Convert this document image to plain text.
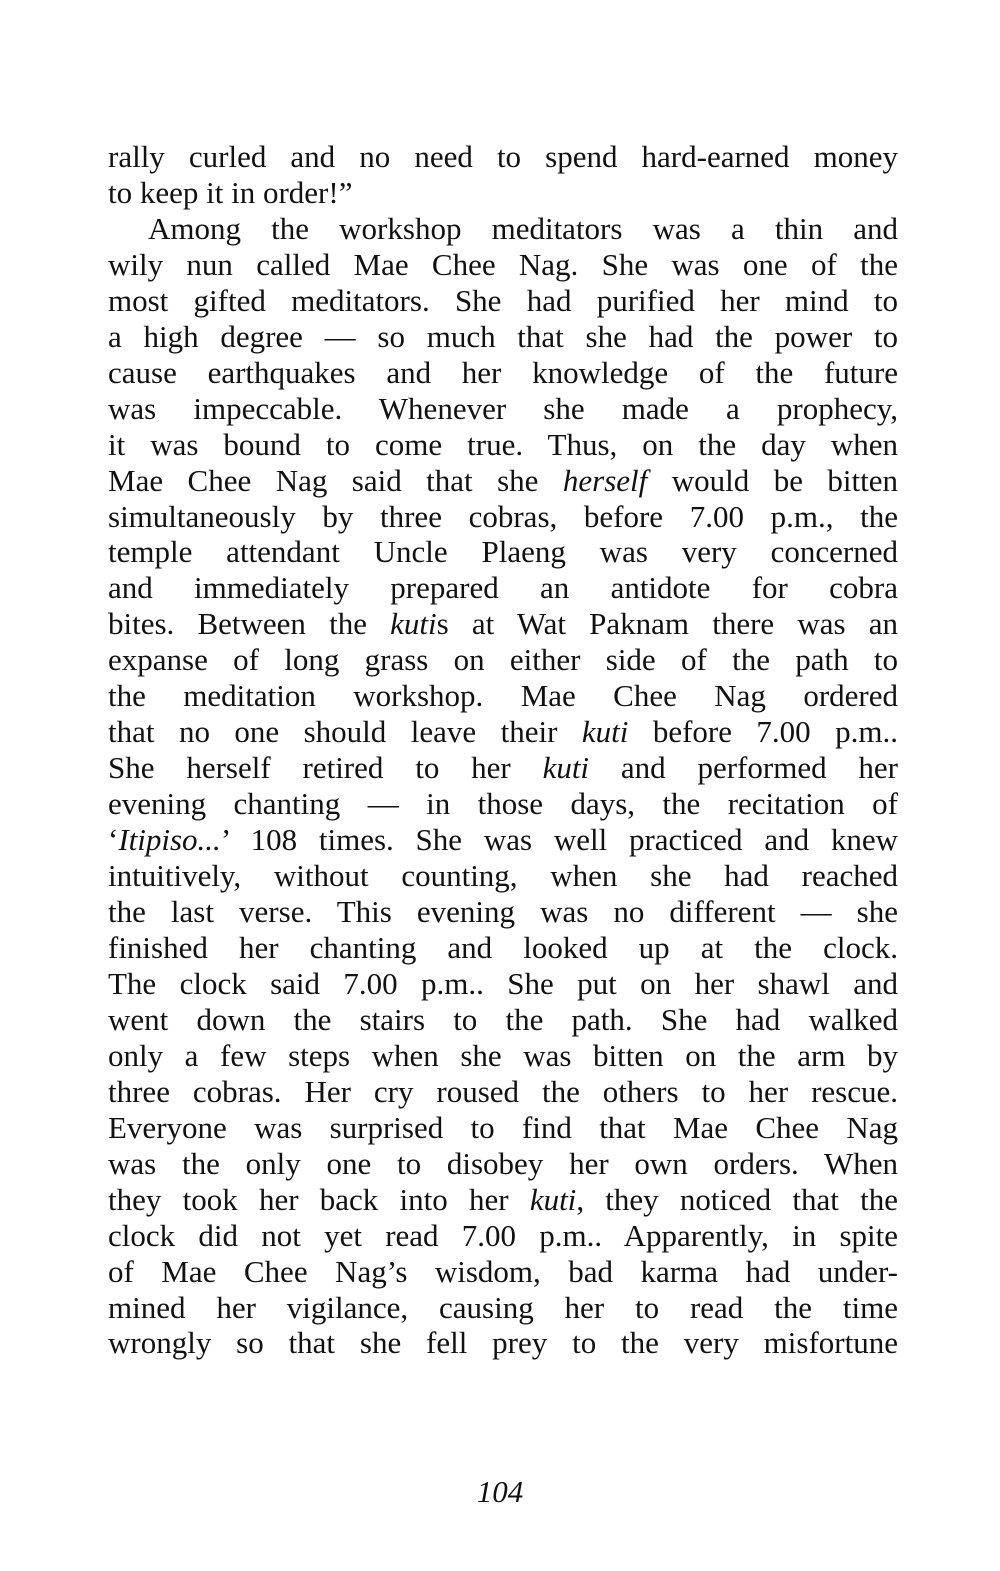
rally curled and no need to spend hard-earned money
to keep it in order!”
Among the workshop meditators was a thin and
wily nun called Mae Chee Nag. She was one of the
most gifted meditators. She had purified her mind to
a high degree — so much that she had the power to
cause earthquakes and her knowledge of the future
was impeccable. Whenever she made a prophecy,
it was bound to come true. Thus, on the day when
Mae Chee Nag said that she herself would be bitten
simultaneously by three cobras, before 7.00 p.m., the
temple attendant Uncle Plaeng was very concerned
and immediately prepared an antidote for cobra
bites. Between the kutis at Wat Paknam there was an
expanse of long grass on either side of the path to
the meditation workshop. Mae Chee Nag ordered
that no one should leave their kuti before 7.00 p.m..
She herself retired to her kuti and performed her
evening chanting — in those days, the recitation of
‘Itipiso...’ 108 times. She was well practiced and knew
intuitively, without counting, when she had reached
the last verse. This evening was no different — she
finished her chanting and looked up at the clock.
The clock said 7.00 p.m.. She put on her shawl and
went down the stairs to the path. She had walked
only a few steps when she was bitten on the arm by
three cobras. Her cry roused the others to her rescue.
Everyone was surprised to find that Mae Chee Nag
was the only one to disobey her own orders. When
they took her back into her kuti, they noticed that the
clock did not yet read 7.00 p.m.. Apparently, in spite
of Mae Chee Nag’s wisdom, bad karma had under-
mined her vigilance, causing her to read the time
wrongly so that she fell prey to the very misfortune
104
